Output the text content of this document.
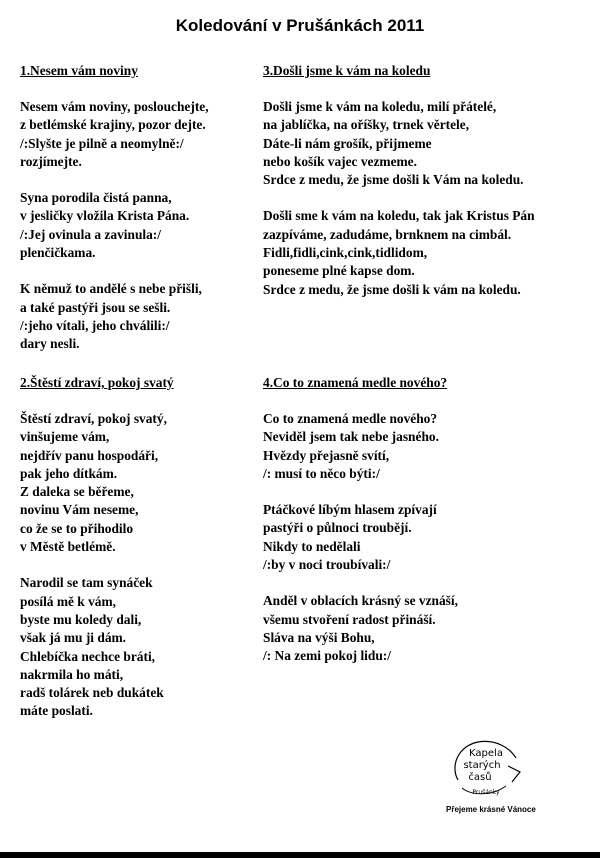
Koledování v Prušánkách 2011
1.Nesem vám noviny
Nesem vám noviny, poslouchejte,
z betlémské krajiny, pozor dejte.
/:Slyšte je pilně a neomylně:/
rozjímejte.
Syna porodila čistá panna,
v jesličky vložila Krista Pána.
/:Jej ovinula a zavinula:/
plenčičkama.
K němuž to andělé s nebe přišli,
a také pastýři jsou se sešli.
/:jeho vítali, jeho chválili:/
dary nesli.
2.Štěstí zdraví, pokoj svatý
Štěstí zdraví, pokoj svatý,
vinšujeme vám,
nejdřív panu hospodáři,
pak jeho dítkám.
Z daleka se běřeme,
novinu Vám neseme,
co že se to přihodilo
v Městě betlémě.
Narodil se tam synáček
posílá mě k vám,
byste mu koledy dali,
však já mu ji dám.
Chlebíčka nechce bráti,
nakrmila ho máti,
radš tolárek neb dukátek
máte poslati.
3.Došli jsme k vám na koledu
Došli jsme k vám na koledu, milí přátelé,
na jablíčka, na oříšky, trnek věrtele,
Dáte-li nám grošík, přijmeme
nebo košík vajec vezmeme.
Srdce z medu, že jsme došli k Vám na koledu.
Došli sme k vám na koledu, tak jak Kristus Pán
zazpíváme, zadudáme, brnknem na cimbál.
Fidli,fidli,cink,cink,tidlidom,
poneseme plné kapse dom.
Srdce z medu, že jsme došli k vám na koledu.
4.Co to znamená medle nového?
Co to znamená medle nového?
Neviděl jsem tak nebe jasného.
Hvězdy přejasně svítí,
/: musí to něco býti:/
Ptáčkové líbým hlasem zpívají
pastýři o půlnoci troubějí.
Nikdy to nedělali
/:by v noci troubívali:/
Anděl v oblacích krásný se vznáší,
všemu stvoření radost přináší.
Sláva na výši Bohu,
/: Na zemi pokoj lidu:/
Kapela
starých
časů
Prušánky
Přejeme krásné Vánoce
